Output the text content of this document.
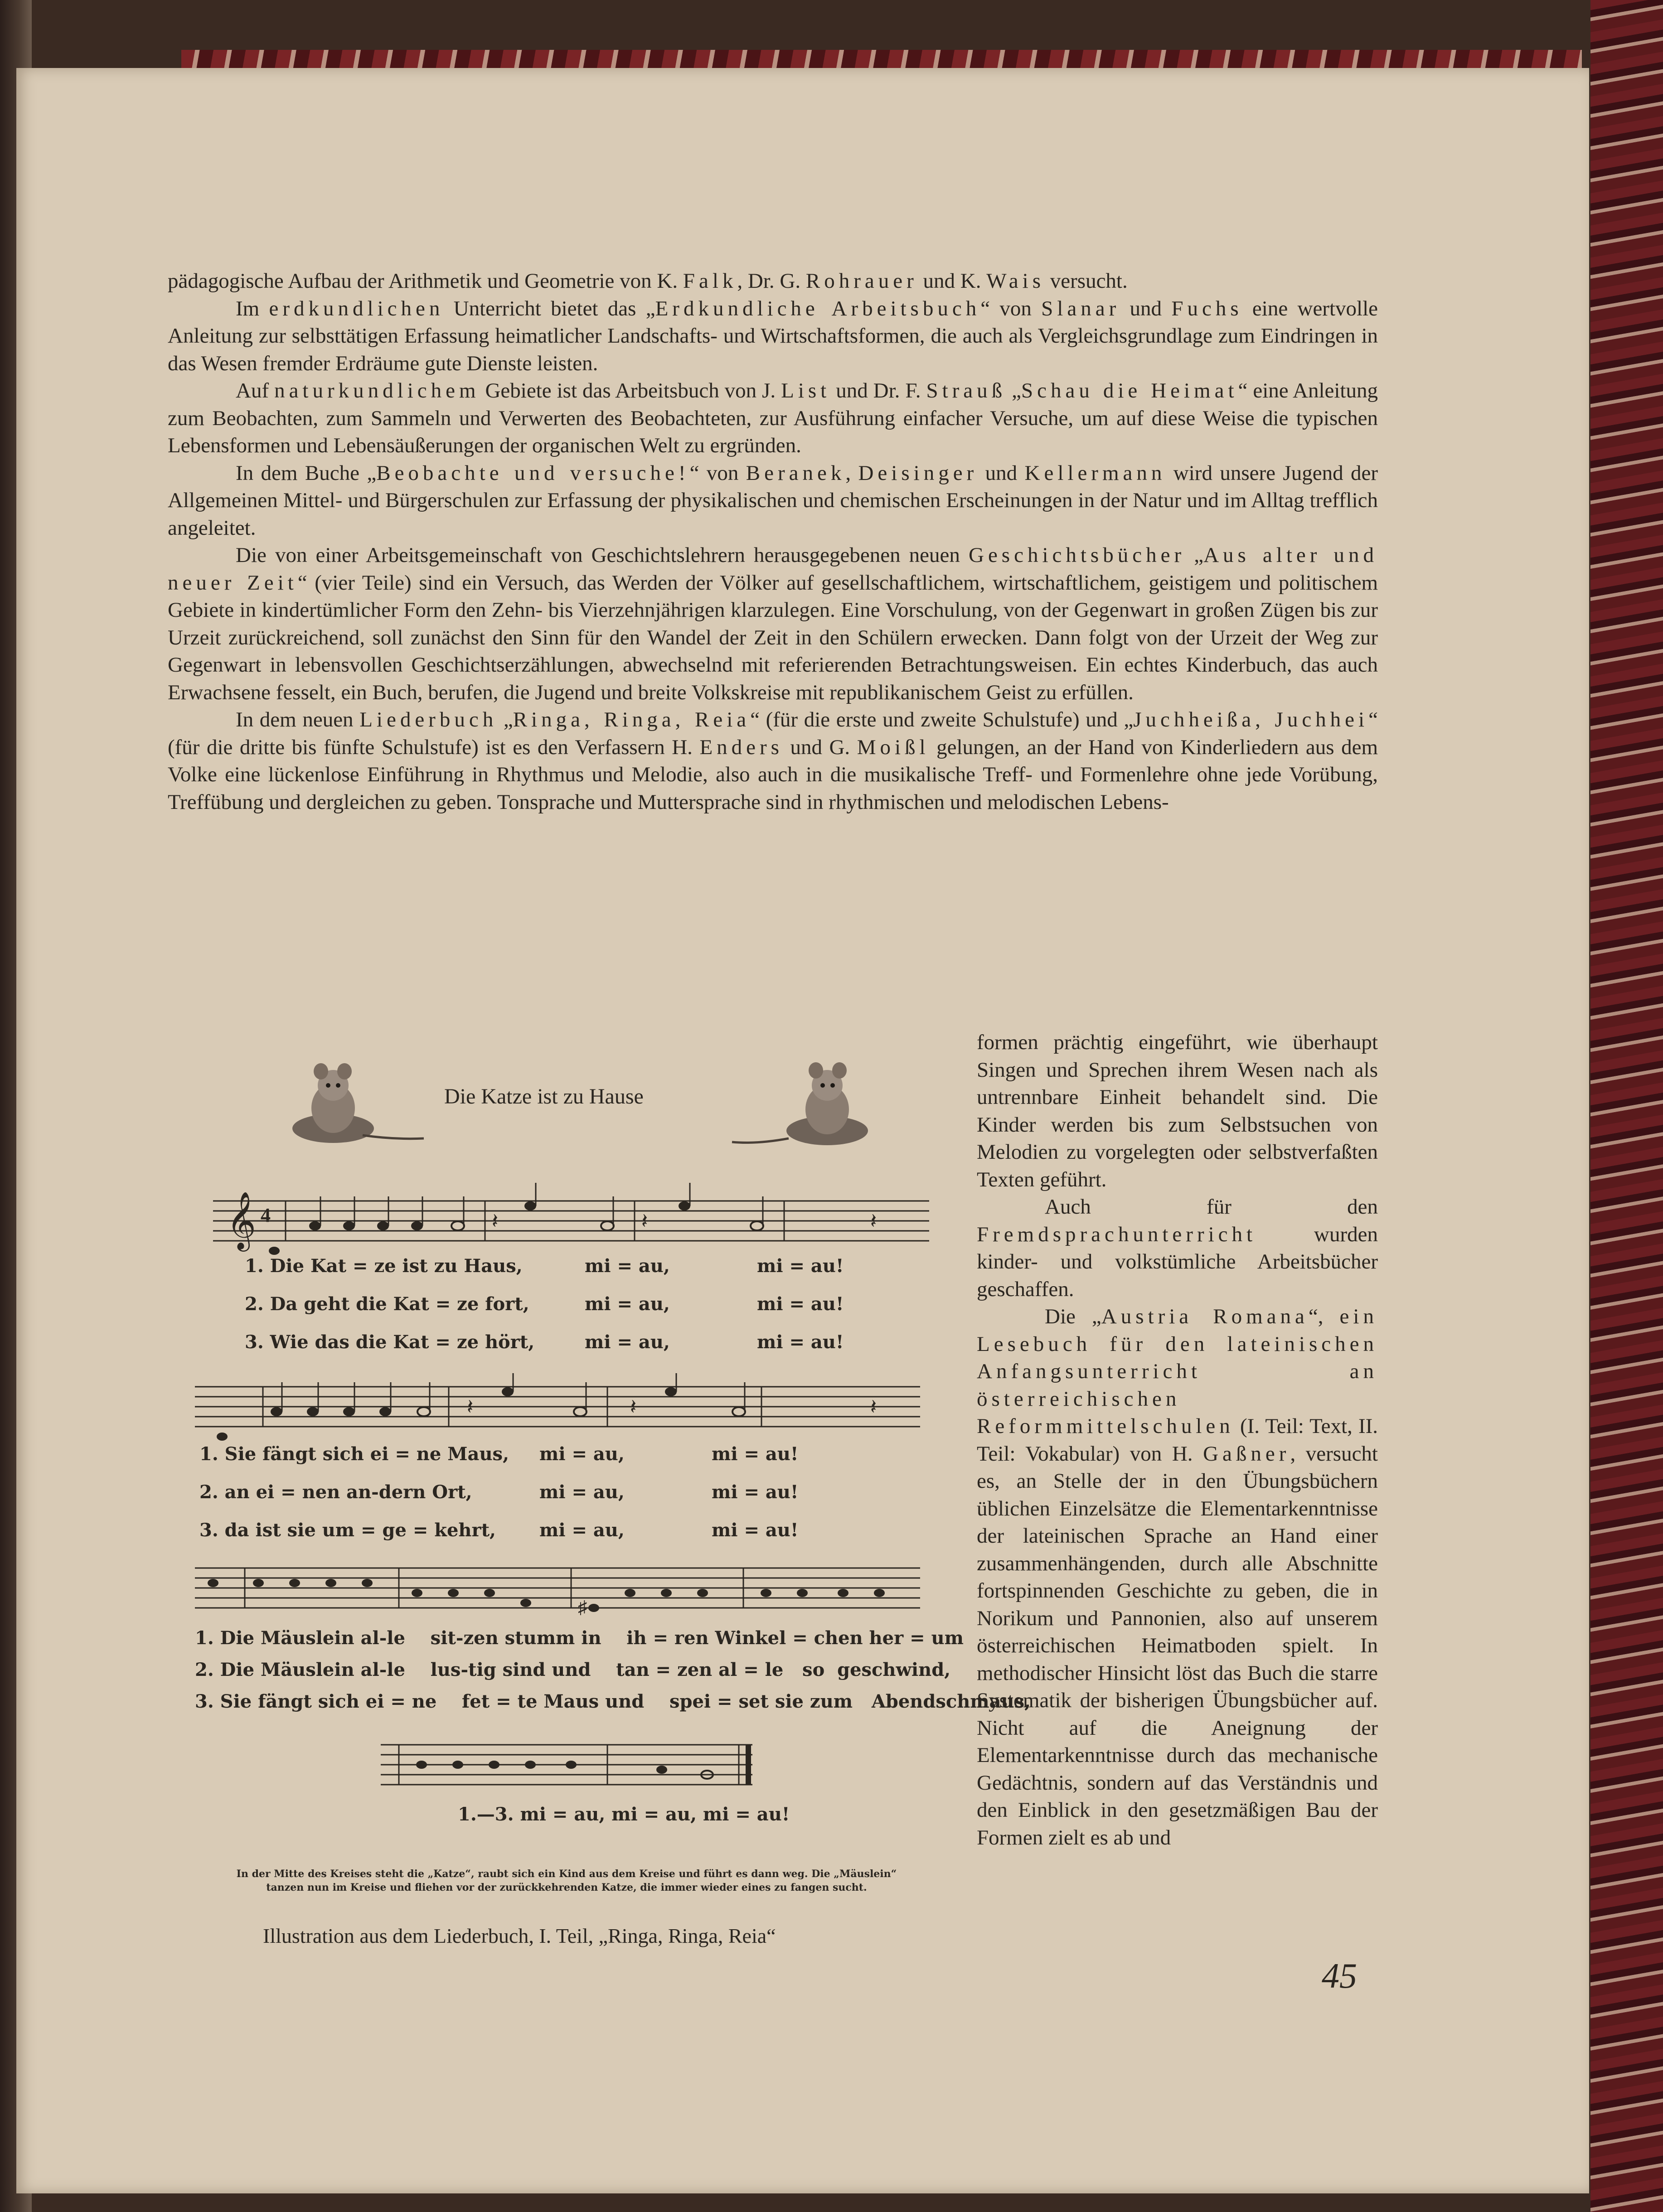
pädagogische Aufbau der Arithmetik und Geometrie von K. Falk, Dr. G. Rohrauer und K. Wais versucht.

Im erdkundlichen Unterricht bietet das „Erdkundliche Arbeitsbuch“ von Slanar und Fuchs eine wertvolle Anleitung zur selbsttätigen Erfassung heimatlicher Landschafts- und Wirtschaftsformen, die auch als Vergleichsgrundlage zum Eindringen in das Wesen fremder Erdräume gute Dienste leisten.

Auf naturkundlichem Gebiete ist das Arbeitsbuch von J. List und Dr. F. Strauß „Schau die Heimat“ eine Anleitung zum Beobachten, zum Sammeln und Verwerten des Beobachteten, zur Ausführung einfacher Versuche, um auf diese Weise die typischen Lebensformen und Lebensäußerungen der organischen Welt zu ergründen.

In dem Buche „Beobachte und versuche!“ von Beranek, Deisinger und Kellermann wird unsere Jugend der Allgemeinen Mittel- und Bürgerschulen zur Erfassung der physikalischen und chemischen Erscheinungen in der Natur und im Alltag trefflich angeleitet.

Die von einer Arbeitsgemeinschaft von Geschichtslehrern herausgegebenen neuen Geschichtsbücher „Aus alter und neuer Zeit“ (vier Teile) sind ein Versuch, das Werden der Völker auf gesellschaftlichem, wirtschaftlichem, geistigem und politischem Gebiete in kindertümlicher Form den Zehn- bis Vierzehnjährigen klarzulegen. Eine Vorschulung, von der Gegenwart in großen Zügen bis zur Urzeit zurückreichend, soll zunächst den Sinn für den Wandel der Zeit in den Schülern erwecken. Dann folgt von der Urzeit der Weg zur Gegenwart in lebensvollen Geschichtserzählungen, abwechselnd mit referierenden Betrachtungsweisen. Ein echtes Kinderbuch, das auch Erwachsene fesselt, ein Buch, berufen, die Jugend und breite Volkskreise mit republikanischem Geist zu erfüllen.

In dem neuen Liederbuch „Ringa, Ringa, Reia“ (für die erste und zweite Schulstufe) und „Juchheißa, Juchhei“ (für die dritte bis fünfte Schulstufe) ist es den Verfassern H. Enders und G. Moißl gelungen, an der Hand von Kinderliedern aus dem Volke eine lückenlose Einführung in Rhythmus und Melodie, also auch in die musikalische Treff- und Formenlehre ohne jede Vorübung, Treffübung und dergleichen zu geben. Tonsprache und Muttersprache sind in rhythmischen und melodischen Lebens-

formen prächtig eingeführt, wie überhaupt Singen und Sprechen ihrem Wesen nach als untrennbare Einheit behandelt sind. Die Kinder werden bis zum Selbstsuchen von Melodien zu vorgelegten oder selbstverfaßten Texten geführt.

Auch für den Fremdsprachunterricht wurden kinder- und volkstümliche Arbeitsbücher geschaffen.

Die „Austria Romana“, ein Lesebuch für den lateinischen Anfangsunterricht an österreichischen Reformmittelschulen (I. Teil: Text, II. Teil: Vokabular) von H. Gaßner, versucht es, an Stelle der in den Übungsbüchern üblichen Einzelsätze die Elementarkenntnisse der lateinischen Sprache an Hand einer zusammenhängenden, durch alle Abschnitte fortspinnenden Geschichte zu geben, die in Norikum und Pannonien, also auf unserem österreichischen Heimatboden spielt. In methodischer Hinsicht löst das Buch die starre Systematik der bisherigen Übungsbücher auf. Nicht auf die Aneignung der Elementarkenntnisse durch das mechanische Gedächtnis, sondern auf das Verständnis und den Einblick in den gesetzmäßigen Bau der Formen zielt es ab und

Die Katze ist zu Hause
𝄞 4	𝄽	𝄽	𝄽
1. Die Kat = ze ist zu Haus,	mi = au,	mi = au!
2. Da geht die Kat = ze fort,	mi = au,	mi = au!
3. Wie das die Kat = ze hört,	mi = au,	mi = au!
𝄽	𝄽	𝄽
1. Sie fängt sich ei = ne Maus, mi = au,	mi = au!
2. an ei = nen an-dern Ort,	mi = au,	mi = au!
3. da ist sie um = ge = kehrt, mi = au,	mi = au!
♯
1. Die Mäuslein al-le    sit-zen stumm in    ih = ren Winkel = chen her = um
2. Die Mäuslein al-le    lus-tig sind und    tan = zen al = le   so  geschwind,
3. Sie fängt sich ei = ne    fet = te Maus und    spei = set sie zum   Abendschmaus,
1.—3. mi = au, mi = au, mi = au!
In der Mitte des Kreises steht die „Katze“, raubt sich ein Kind aus dem Kreise und führt es dann weg. Die „Mäuslein“
tanzen nun im Kreise und fliehen vor der zurückkehrenden Katze, die immer wieder eines zu fangen sucht.
Illustration aus dem Liederbuch, I. Teil, „Ringa, Ringa, Reia“
45
